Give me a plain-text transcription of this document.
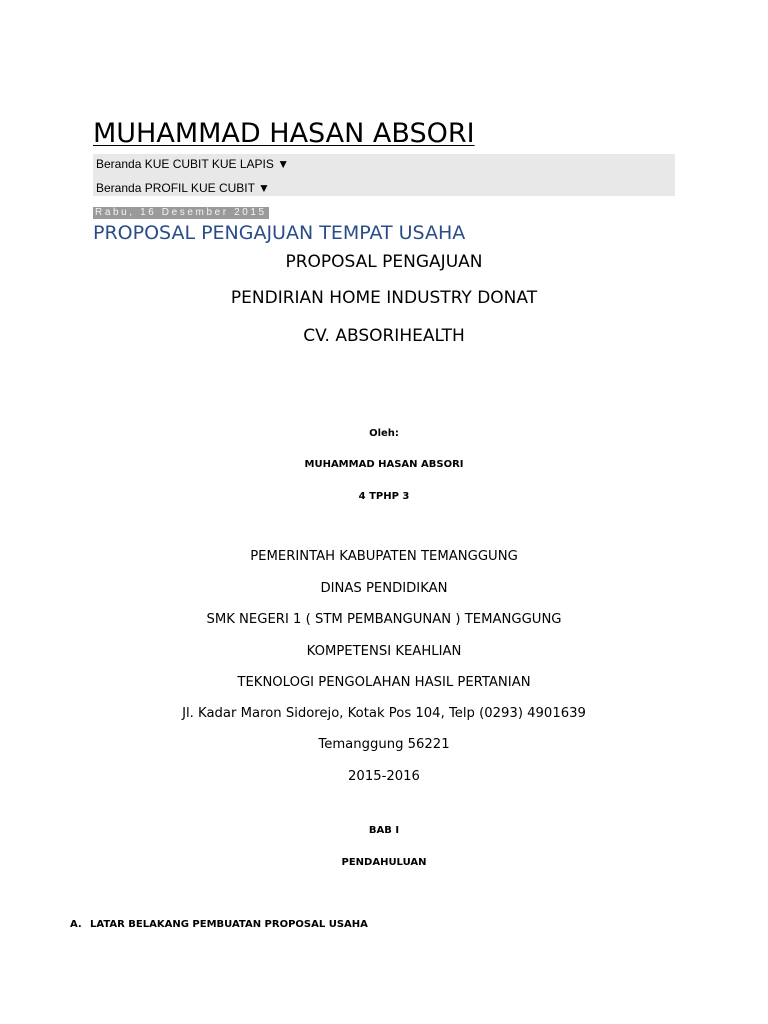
MUHAMMAD HASAN ABSORI
Beranda KUE CUBIT KUE LAPIS ▼
Beranda PROFIL KUE CUBIT ▼
Rabu, 16 Desember 2015
PROPOSAL PENGAJUAN TEMPAT USAHA
PROPOSAL PENGAJUAN
PENDIRIAN HOME INDUSTRY DONAT
CV. ABSORIHEALTH
Oleh:
MUHAMMAD HASAN ABSORI
4 TPHP 3
PEMERINTAH KABUPATEN TEMANGGUNG
DINAS PENDIDIKAN
SMK NEGERI 1 ( STM PEMBANGUNAN ) TEMANGGUNG
KOMPETENSI KEAHLIAN
TEKNOLOGI PENGOLAHAN HASIL PERTANIAN
Jl. Kadar Maron Sidorejo, Kotak Pos 104, Telp (0293) 4901639
Temanggung 56221
2015-2016
BAB I
PENDAHULUAN
A. LATAR BELAKANG PEMBUATAN PROPOSAL USAHA
